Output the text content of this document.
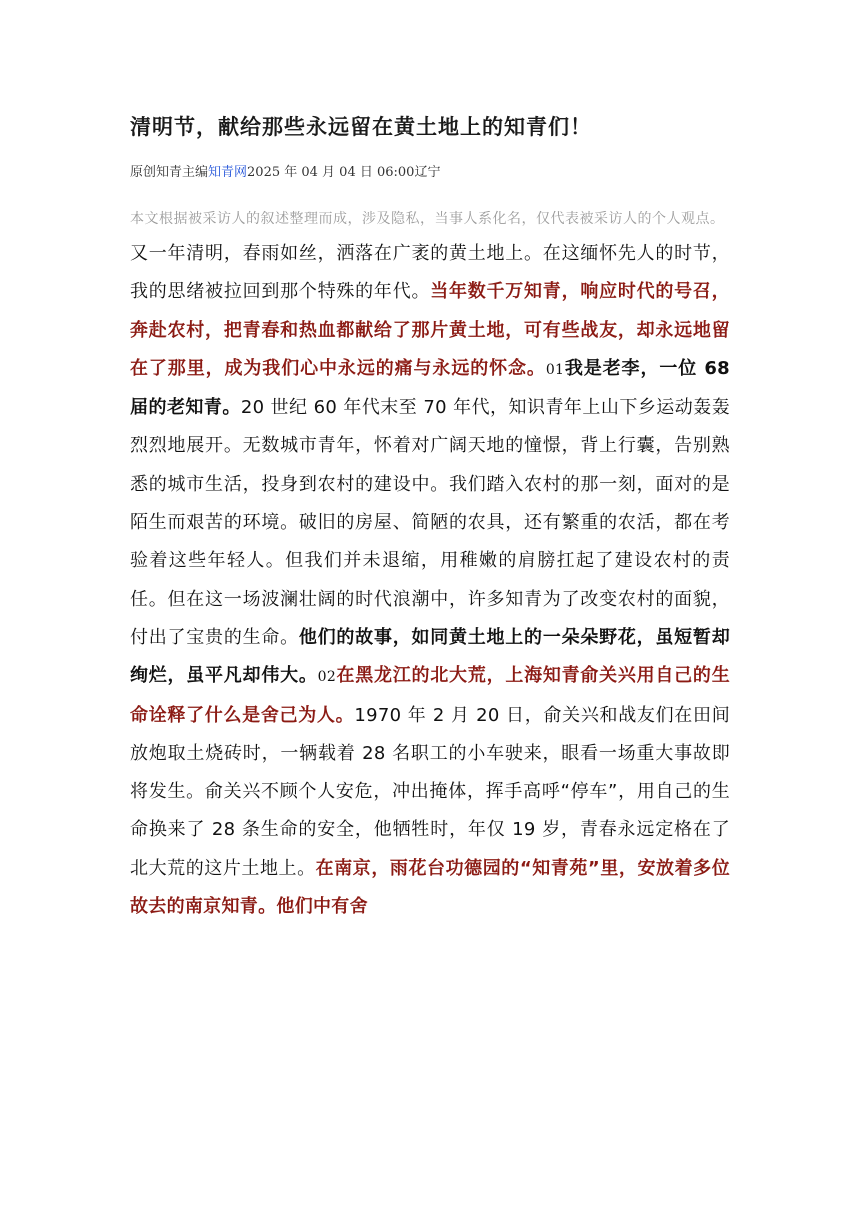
清明节，献给那些永远留在黄土地上的知青们！
原创知青主编知青网2025 年 04 月 04 日 06:00辽宁
本文根据被采访人的叙述整理而成，涉及隐私，当事人系化名，仅代表被采访人的个人观点。
又一年清明，春雨如丝，洒落在广袤的黄土地上。在这缅怀先人的时节，我的思绪被拉回到那个特殊的年代。当年数千万知青，响应时代的号召，奔赴农村，把青春和热血都献给了那片黄土地，可有些战友，却永远地留在了那里，成为我们心中永远的痛与永远的怀念。01我是老李，一位 68 届的老知青。20 世纪 60 年代末至 70 年代，知识青年上山下乡运动轰轰烈烈地展开。无数城市青年，怀着对广阔天地的憧憬，背上行囊，告别熟悉的城市生活，投身到农村的建设中。我们踏入农村的那一刻，面对的是陌生而艰苦的环境。破旧的房屋、简陋的农具，还有繁重的农活，都在考验着这些年轻人。但我们并未退缩，用稚嫩的肩膀扛起了建设农村的责任。但在这一场波澜壮阔的时代浪潮中，许多知青为了改变农村的面貌，付出了宝贵的生命。他们的故事，如同黄土地上的一朵朵野花，虽短暂却绚烂，虽平凡却伟大。02在黑龙江的北大荒，上海知青俞关兴用自己的生命诠释了什么是舍己为人。1970 年 2 月 20 日，俞关兴和战友们在田间放炮取土烧砖时，一辆载着 28 名职工的小车驶来，眼看一场重大事故即将发生。俞关兴不顾个人安危，冲出掩体，挥手高呼“停车”，用自己的生命换来了 28 条生命的安全，他牺牲时，年仅 19 岁，青春永远定格在了北大荒的这片土地上。在南京，雨花台功德园的“知青苑”里，安放着多位故去的南京知青。他们中有舍
